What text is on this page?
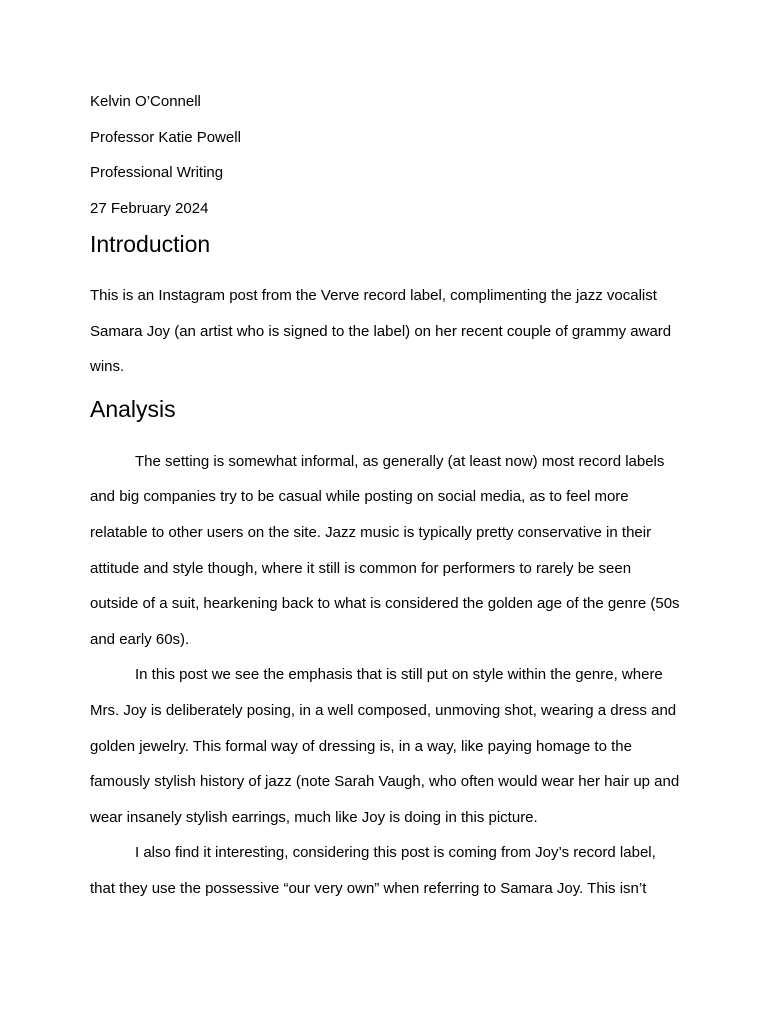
Kelvin O’Connell
Professor Katie Powell
Professional Writing
27 February 2024
Introduction

This is an Instagram post from the Verve record label, complimenting the jazz vocalist Samara Joy (an artist who is signed to the label) on her recent couple of grammy award wins.

Analysis

The setting is somewhat informal, as generally (at least now) most record labels and big companies try to be casual while posting on social media, as to feel more relatable to other users on the site. Jazz music is typically pretty conservative in their attitude and style though, where it still is common for performers to rarely be seen outside of a suit, hearkening back to what is considered the golden age of the genre (50s and early 60s).

In this post we see the emphasis that is still put on style within the genre, where Mrs. Joy is deliberately posing, in a well composed, unmoving shot, wearing a dress and golden jewelry. This formal way of dressing is, in a way, like paying homage to the famously stylish history of jazz (note Sarah Vaugh, who often would wear her hair up and wear insanely stylish earrings, much like Joy is doing in this picture.

I also find it interesting, considering this post is coming from Joy’s record label, that they use the possessive “our very own” when referring to Samara Joy. This isn’t
